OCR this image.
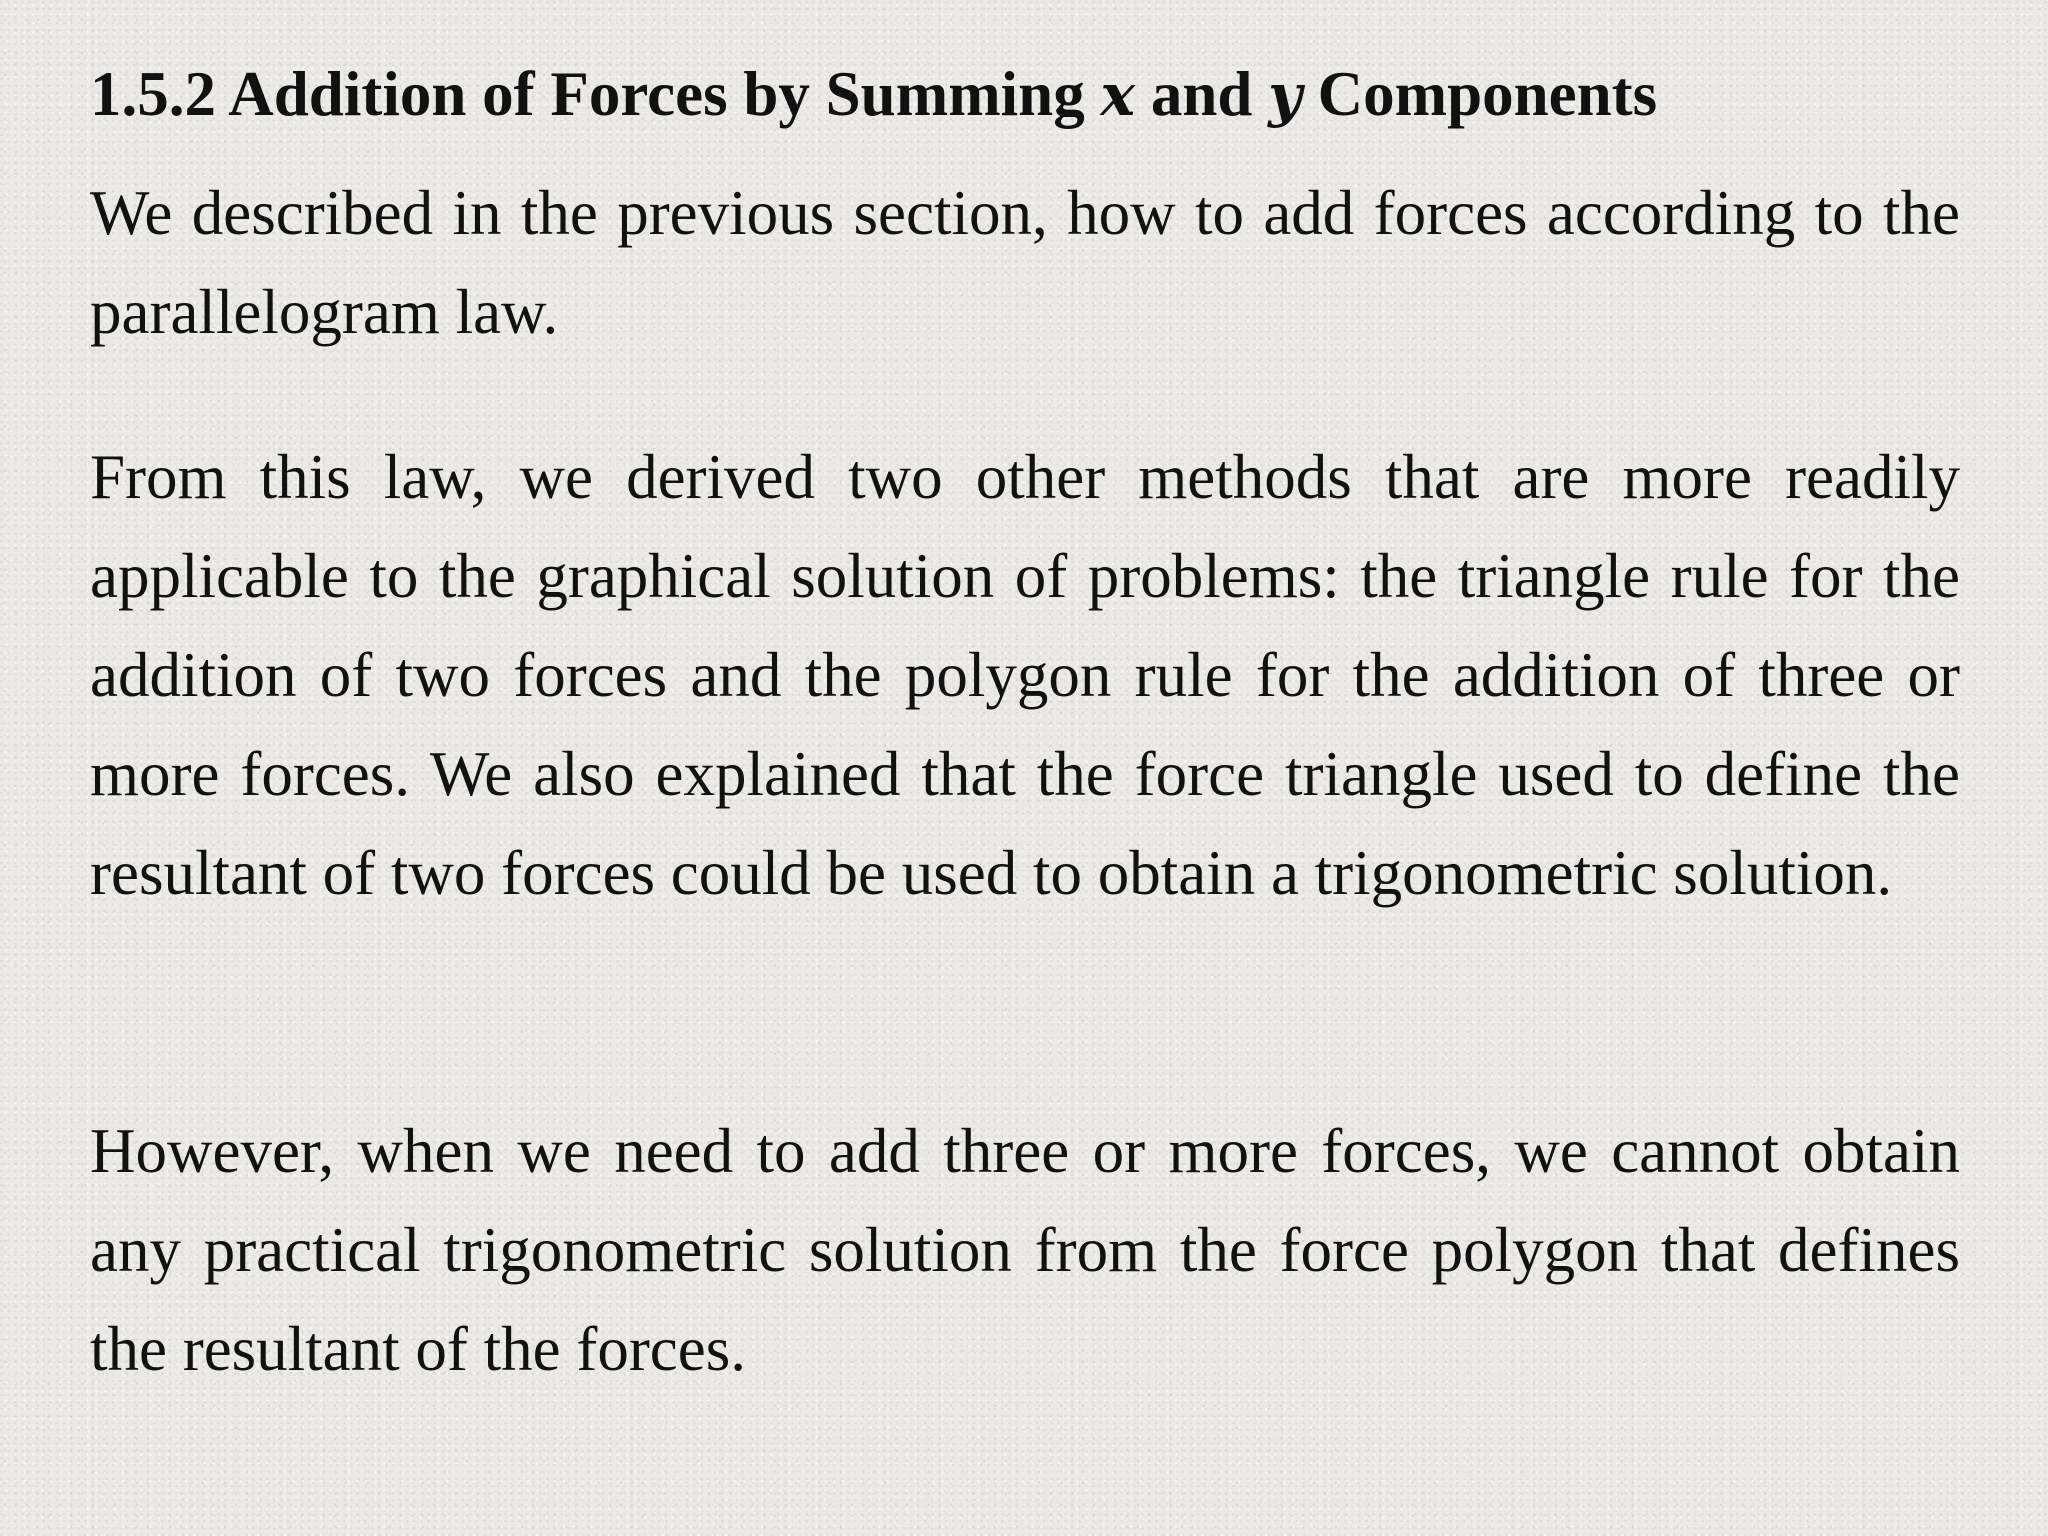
1.5.2 Addition of Forces by Summing x and y Components

We described in the previous section, how to add forces according to the parallelogram law.

From this law, we derived two other methods that are more readily applicable to the graphical solution of problems: the triangle rule for the addition of two forces and the polygon rule for the addition of three or more forces. We also explained that the force triangle used to define the resultant of two forces could be used to obtain a trigonometric solution.

However, when we need to add three or more forces, we cannot obtain any practical trigonometric solution from the force polygon that defines the resultant of the forces.
